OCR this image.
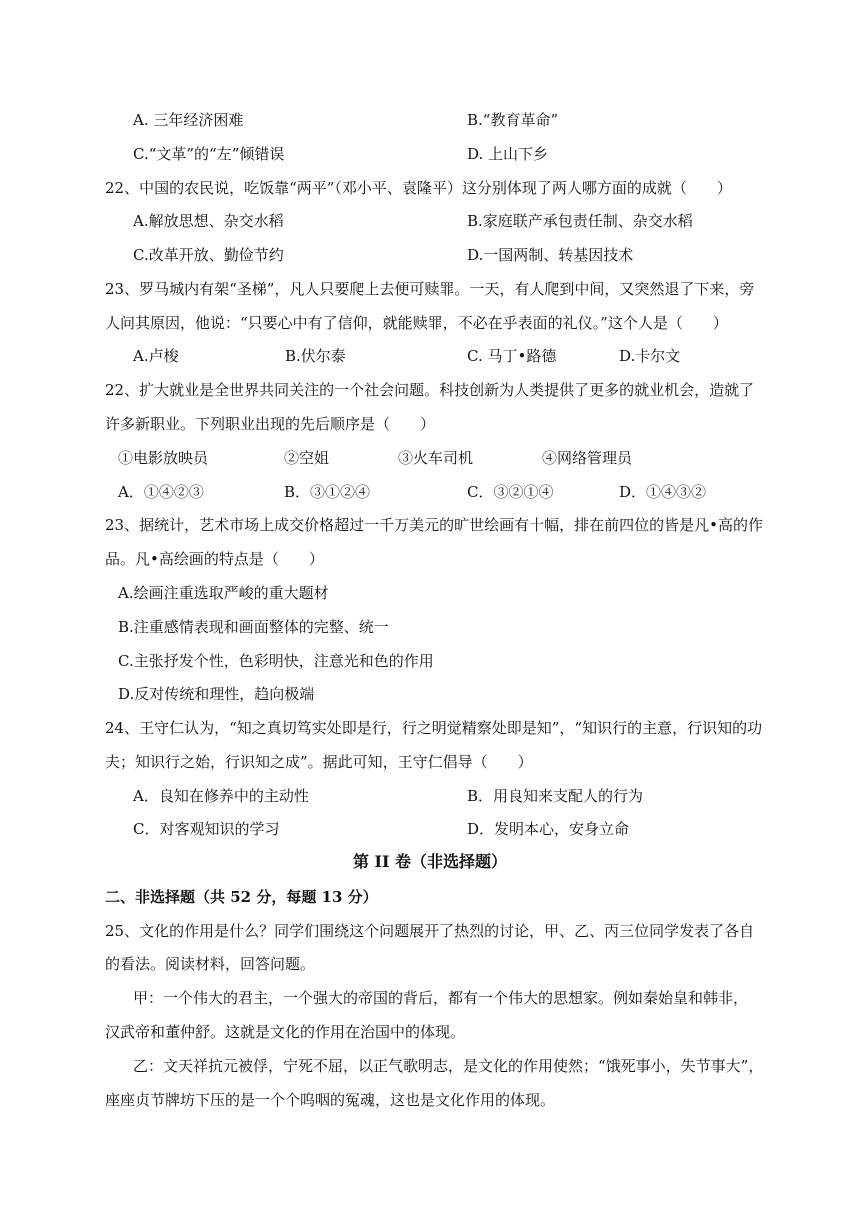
A. 三年经济困难	B.“教育革命”
C.“文革”的“左”倾错误	D. 上山下乡
22、中国的农民说，吃饭靠“两平”（邓小平、袁隆平）这分别体现了两人哪方面的成就（　　）
A.解放思想、杂交水稻	B.家庭联产承包责任制、杂交水稻
C.改革开放、勤俭节约	D.一国两制、转基因技术
23、罗马城内有架“圣梯”，凡人只要爬上去便可赎罪。一天，有人爬到中间，又突然退了下来，旁
人问其原因，他说：“只要心中有了信仰，就能赎罪，不必在乎表面的礼仪。”这个人是（　　）
A.卢梭	B.伏尔泰	C. 马丁•路德	D.卡尔文
22、扩大就业是全世界共同关注的一个社会问题。科技创新为人类提供了更多的就业机会，造就了
许多新职业。下列职业出现的先后顺序是（　　）
①电影放映员	②空姐	③火车司机	④网络管理员
A．①④②③	B．③①②④	C．③②①④	D．①④③②
23、据统计，艺术市场上成交价格超过一千万美元的旷世绘画有十幅，排在前四位的皆是凡•高的作
品。凡•高绘画的特点是（　　）
A.绘画注重选取严峻的重大题材
B.注重感情表现和画面整体的完整、统一
C.主张抒发个性，色彩明快，注意光和色的作用
D.反对传统和理性，趋向极端
24、王守仁认为，“知之真切笃实处即是行，行之明觉精察处即是知”，“知识行的主意，行识知的功
夫；知识行之始，行识知之成”。据此可知，王守仁倡导（　　）
A．良知在修养中的主动性	B．用良知来支配人的行为
C．对客观知识的学习	D．发明本心，安身立命
第 II 卷（非选择题）
二、非选择题（共 52 分，每题 13 分）
25、文化的作用是什么？同学们围绕这个问题展开了热烈的讨论，甲、乙、丙三位同学发表了各自
的看法。阅读材料，回答问题。
甲：一个伟大的君主，一个强大的帝国的背后，都有一个伟大的思想家。例如秦始皇和韩非，
汉武帝和董仲舒。这就是文化的作用在治国中的体现。
乙：文天祥抗元被俘，宁死不屈，以正气歌明志，是文化的作用使然；“饿死事小，失节事大”，
座座贞节牌坊下压的是一个个呜咽的冤魂，这也是文化作用的体现。
